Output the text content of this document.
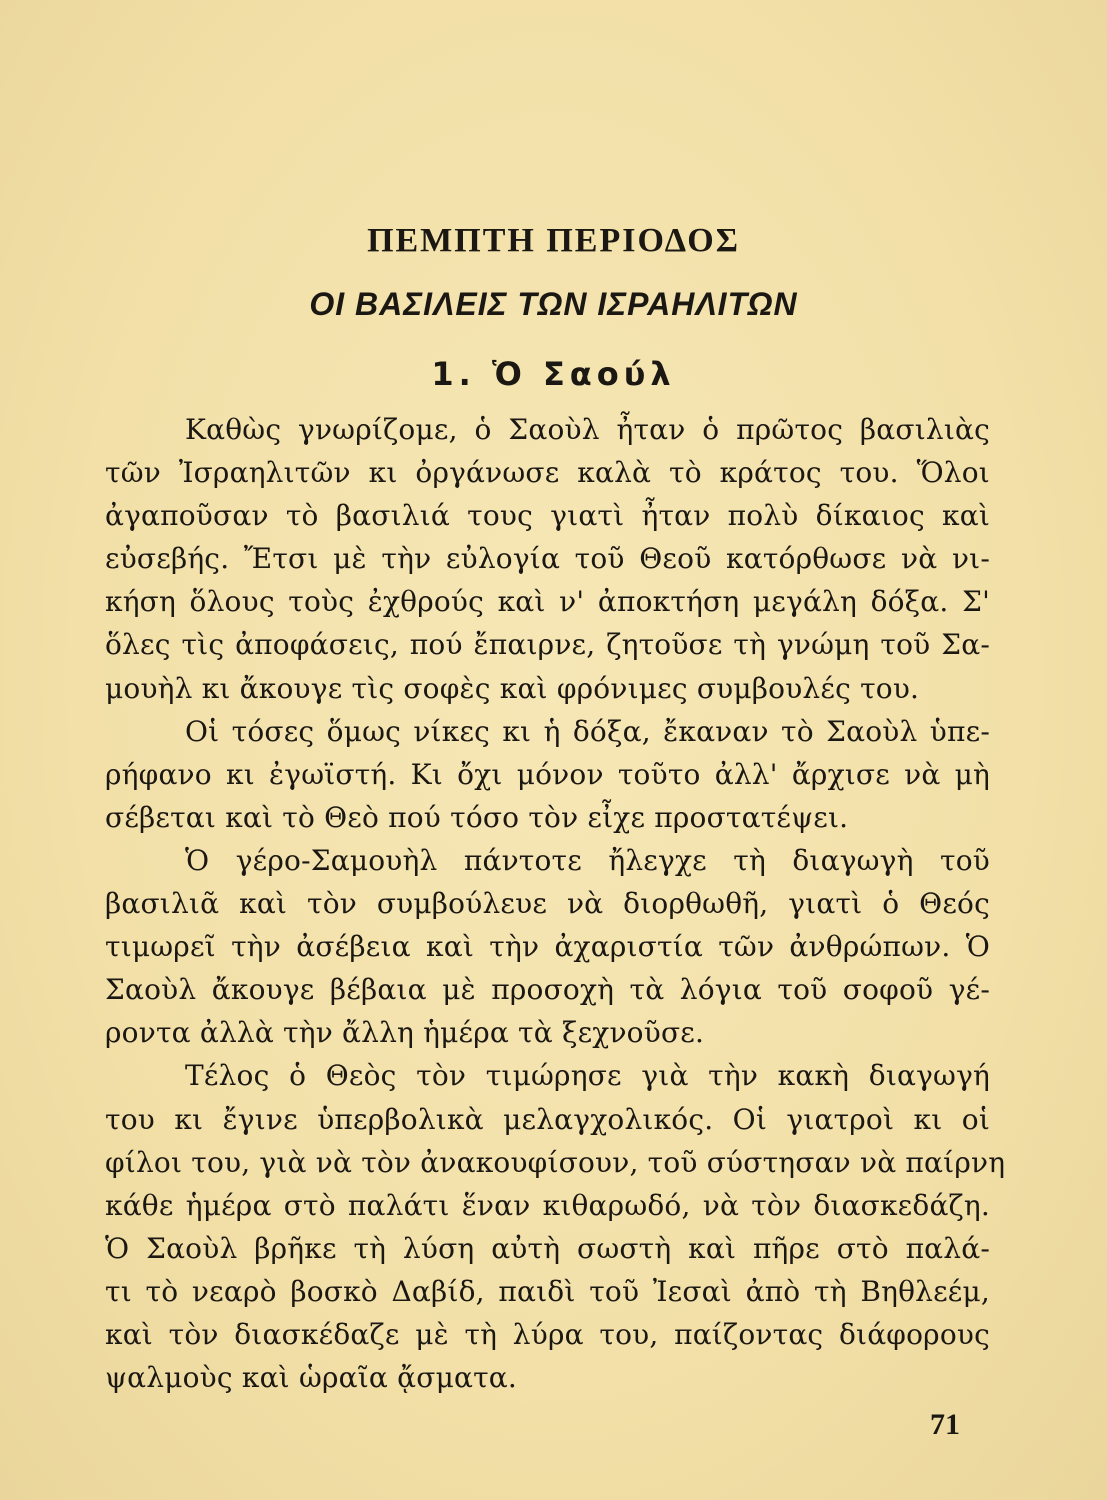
ΠΕΜΠΤΗ ΠΕΡΙΟΔΟΣ
ΟΙ ΒΑΣΙΛΕΙΣ ΤΩΝ ΙΣΡΑΗΛΙΤΩΝ
1. Ὁ Σαούλ
Καθὼς γνωρίζομε, ὁ Σαοὺλ ἦταν ὁ πρῶτος βασιλιὰς
τῶν Ἰσραηλιτῶν κι ὀργάνωσε καλὰ τὸ κράτος του. Ὅλοι
ἀγαποῦσαν τὸ βασιλιά τους γιατὶ ἦταν πολὺ δίκαιος καὶ
εὐσεβής. Ἔτσι μὲ τὴν εὐλογία τοῦ Θεοῦ κατόρθωσε νὰ νι-
κήση ὅλους τοὺς ἐχθρούς καὶ ν' ἀποκτήση μεγάλη δόξα. Σ'
ὅλες τὶς ἀποφάσεις, πού ἔπαιρνε, ζητοῦσε τὴ γνώμη τοῦ Σα-
μουὴλ κι ἄκουγε τὶς σοφὲς καὶ φρόνιμες συμβουλές του.
Οἱ τόσες ὅμως νίκες κι ἡ δόξα, ἔκαναν τὸ Σαοὺλ ὑπε-
ρήφανο κι ἐγωϊστή. Κι ὄχι μόνον τοῦτο ἀλλ' ἄρχισε νὰ μὴ
σέβεται καὶ τὸ Θεὸ πού τόσο τὸν εἶχε προστατέψει.
Ὁ γέρο-Σαμουὴλ πάντοτε ἤλεγχε τὴ διαγωγὴ τοῦ
βασιλιᾶ καὶ τὸν συμβούλευε νὰ διορθωθῆ, γιατὶ ὁ Θεός
τιμωρεῖ τὴν ἀσέβεια καὶ τὴν ἀχαριστία τῶν ἀνθρώπων. Ὁ
Σαοὺλ ἄκουγε βέβαια μὲ προσοχὴ τὰ λόγια τοῦ σοφοῦ γέ-
ροντα ἀλλὰ τὴν ἄλλη ἡμέρα τὰ ξεχνοῦσε.
Τέλος ὁ Θεὸς τὸν τιμώρησε γιὰ τὴν κακὴ διαγωγή
του κι ἔγινε ὑπερβολικὰ μελαγχολικός. Οἱ γιατροὶ κι οἱ
φίλοι του, γιὰ νὰ τὸν ἀνακουφίσουν, τοῦ σύστησαν νὰ παίρνη
κάθε ἡμέρα στὸ παλάτι ἕναν κιθαρωδό, νὰ τὸν διασκεδάζη.
Ὁ Σαοὺλ βρῆκε τὴ λύση αὐτὴ σωστὴ καὶ πῆρε στὸ παλά-
τι τὸ νεαρὸ βοσκὸ Δαβίδ, παιδὶ τοῦ Ἰεσαὶ ἀπὸ τὴ Βηθλεέμ,
καὶ τὸν διασκέδαζε μὲ τὴ λύρα του, παίζοντας διάφορους
ψαλμοὺς καὶ ὡραῖα ᾄσματα.
71
